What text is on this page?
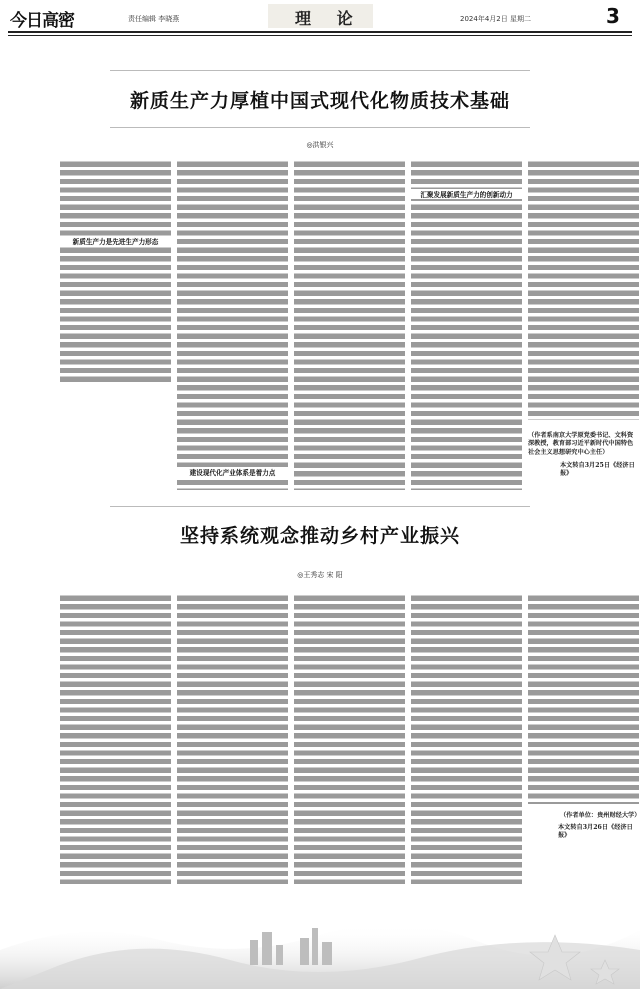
今日高密	责任编辑 李晓燕	理 论	2024年4月2日 星期二	3
新质生产力厚植中国式现代化物质技术基础
◎洪银兴
新质生产力是先进生产力形态
建设现代化产业体系是着力点
汇聚发展新质生产力的创新动力
（作者系南京大学原党委书记、文科资深教授，教育部习近平新时代中国特色社会主义思想研究中心主任）
本文转自3月25日《经济日报》
坚持系统观念推动乡村产业振兴
◎王秀志 宋 阳
（作者单位：贵州财经大学）
本文转自3月26日《经济日报》
